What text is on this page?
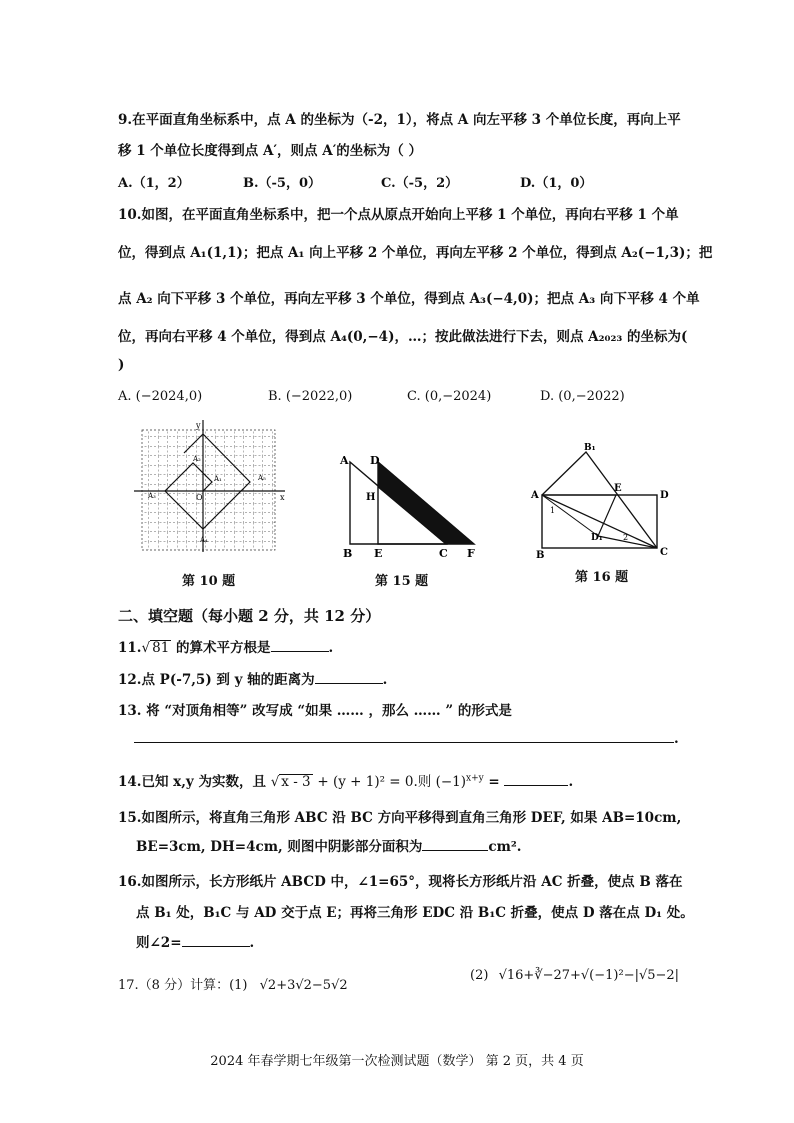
9.在平面直角坐标系中，点 A 的坐标为（-2，1），将点 A 向左平移 3 个单位长度，再向上平
移 1 个单位长度得到点 A′，则点 A′的坐标为（ ）
A.（1，2）	B.（-5，0）	C.（-5，2）	D.（1，0）
10.如图，在平面直角坐标系中，把一个点从原点开始向上平移 1 个单位，再向右平移 1 个单
位，得到点 A₁(1,1)；把点 A₁ 向上平移 2 个单位，再向左平移 2 个单位，得到点 A₂(−1,3)；把
点 A₂ 向下平移 3 个单位，再向左平移 3 个单位，得到点 A₃(−4,0)；把点 A₃ 向下平移 4 个单
位，再向右平移 4 个单位，得到点 A₄(0,−4)，…；按此做法进行下去，则点 A₂₀₂₃ 的坐标为(
)
A. (−2024,0)	B. (−2022,0)	C. (0,−2024)	D. (0,−2022)
y
x
O
A₁
A₂
A₃
A₄
A₅
第 10 题
A D
H
B E	C F
第 15 题
B₁
A
E
D
B	C
D₁
1
2
第 16 题
二、填空题（每小题 2 分，共 12 分）
11.√ 81 的算术平方根是	.
12.点 P(-7,5) 到 y 轴的距离为	.
13. 将 “对顶角相等” 改写成 “如果 …… ，那么 …… ” 的形式是
.
14.已知 x,y 为实数，且 √ x - 3 + (y + 1)² = 0.则 $(-1)^{x+y}$ =	.
15.如图所示，将直角三角形 ABC 沿 BC 方向平移得到直角三角形 DEF, 如果 AB=10cm,
BE=3cm, DH=4cm, 则图中阴影部分面积为	cm².
16.如图所示，长方形纸片 ABCD 中，∠1=65°，现将长方形纸片沿 AC 折叠，使点 B 落在
点 B₁ 处，B₁C 与 AD 交于点 E；再将三角形 EDC 沿 B₁C 折叠，使点 D 落在点 D₁ 处。
则∠2=	.
17.（8 分）计算：(1) √2+3√2−5√2
(2) √16+∛−27+√(−1)²−|√5−2|
2024 年春学期七年级第一次检测试题（数学） 第 2 页，共 4 页
